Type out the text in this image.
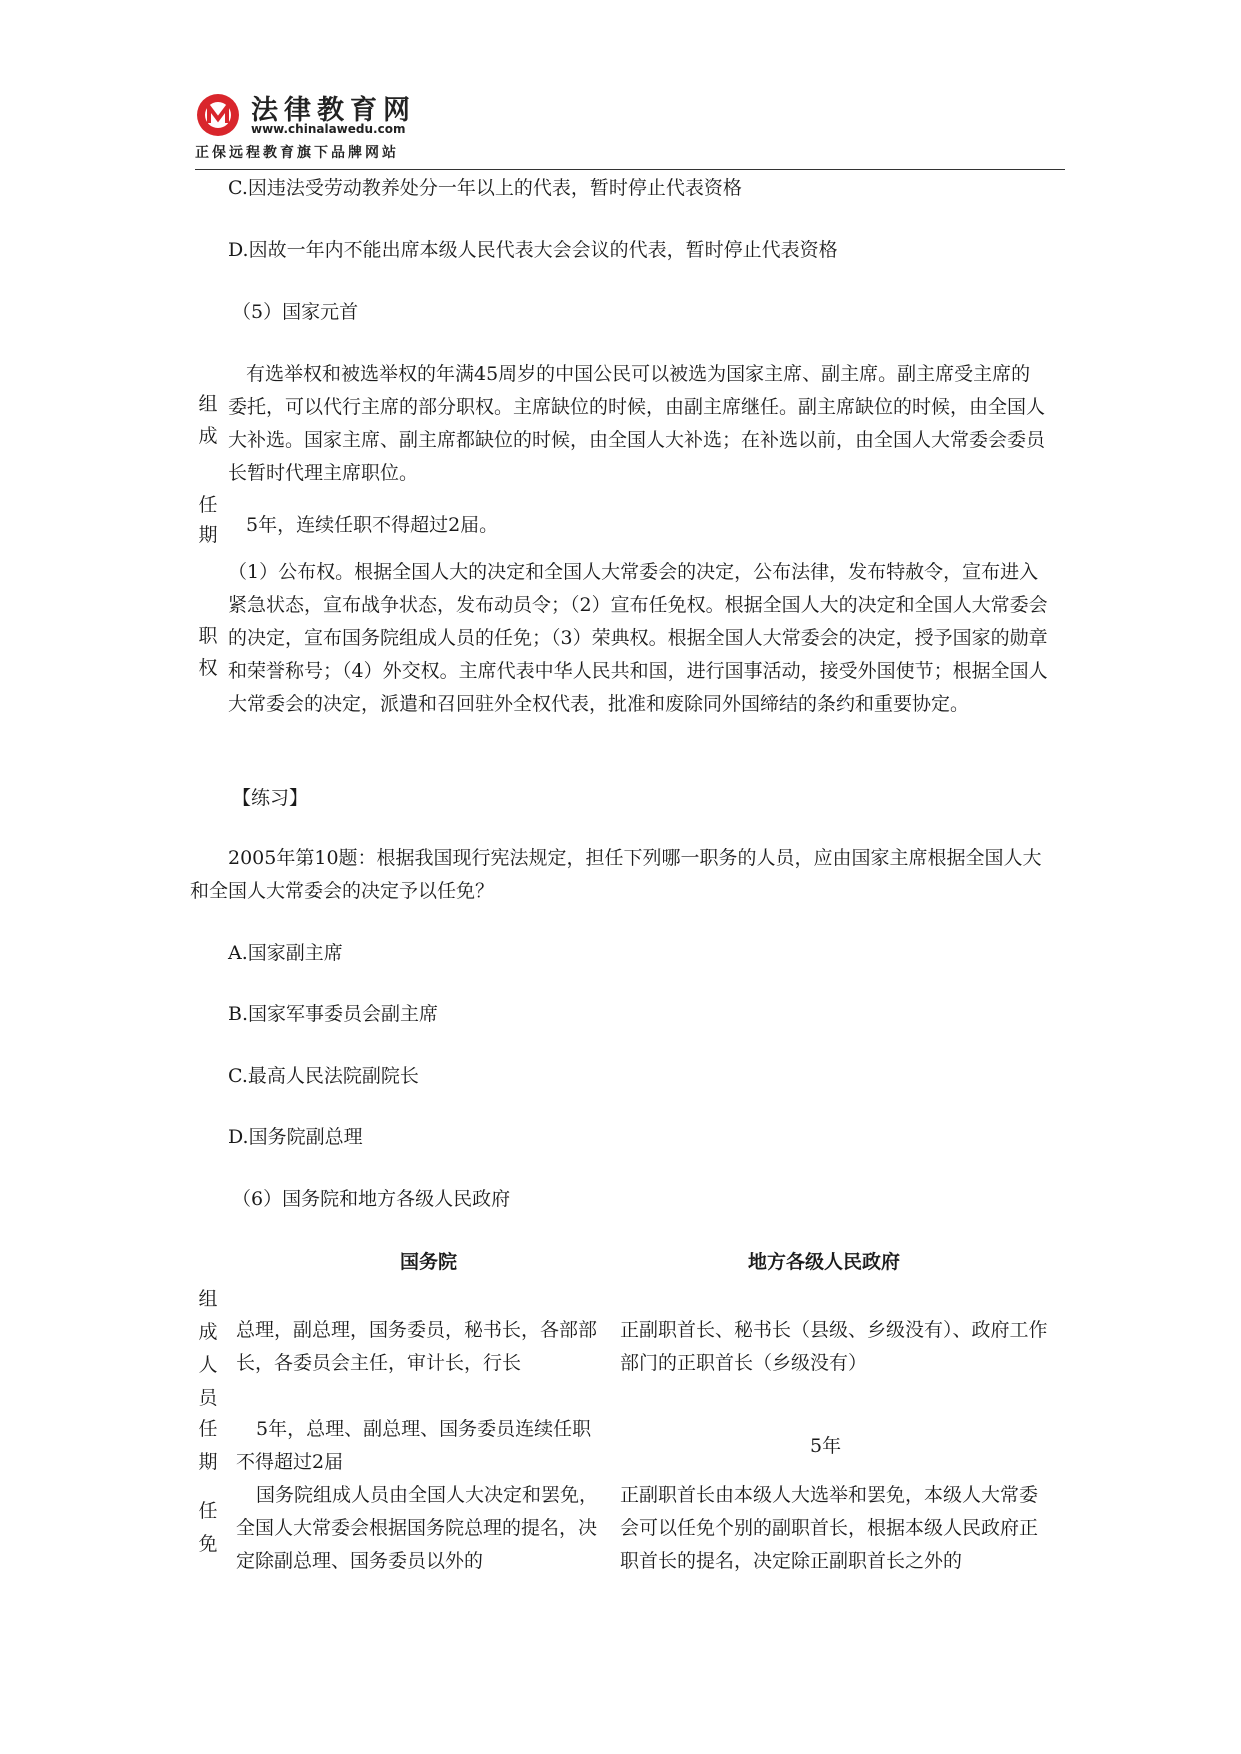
法律教育网
www.chinalawedu.com
正保远程教育旗下品牌网站
C.因违法受劳动教养处分一年以上的代表，暂时停止代表资格
D.因故一年内不能出席本级人民代表大会会议的代表，暂时停止代表资格
（5）国家元首
组成
有选举权和被选举权的年满45周岁的中国公民可以被选为国家主席、副主席。副主席受主席的委托，可以代行主席的部分职权。主席缺位的时候，由副主席继任。副主席缺位的时候，由全国人大补选。国家主席、副主席都缺位的时候，由全国人大补选；在补选以前，由全国人大常委会委员长暂时代理主席职位。
任期 5年，连续任职不得超过2届。
职权
（1）公布权。根据全国人大的决定和全国人大常委会的决定，公布法律，发布特赦令，宣布进入紧急状态，宣布战争状态，发布动员令；（2）宣布任免权。根据全国人大的决定和全国人大常委会的决定，宣布国务院组成人员的任免；（3）荣典权。根据全国人大常委会的决定，授予国家的勋章和荣誉称号；（4）外交权。主席代表中华人民共和国，进行国事活动，接受外国使节；根据全国人大常委会的决定，派遣和召回驻外全权代表，批准和废除同外国缔结的条约和重要协定。
【练习】
2005年第10题：根据我国现行宪法规定，担任下列哪一职务的人员，应由国家主席根据全国人大和全国人大常委会的决定予以任免？
A.国家副主席
B.国家军事委员会副主席
C.最高人民法院副院长
D.国务院副总理
（6）国务院和地方各级人民政府
国务院	地方各级人民政府
组成人员
总理，副总理，国务委员，秘书长，各部部长，各委员会主任，审计长，行长
正副职首长、秘书长（县级、乡级没有）、政府工作部门的正职首长（乡级没有）
任期
5年，总理、副总理、国务委员连续任职不得超过2届
5年
任免
国务院组成人员由全国人大决定和罢免，全国人大常委会根据国务院总理的提名，决定除副总理、国务委员以外的
正副职首长由本级人大选举和罢免，本级人大常委会可以任免个别的副职首长，根据本级人民政府正职首长的提名，决定除正副职首长之外的
